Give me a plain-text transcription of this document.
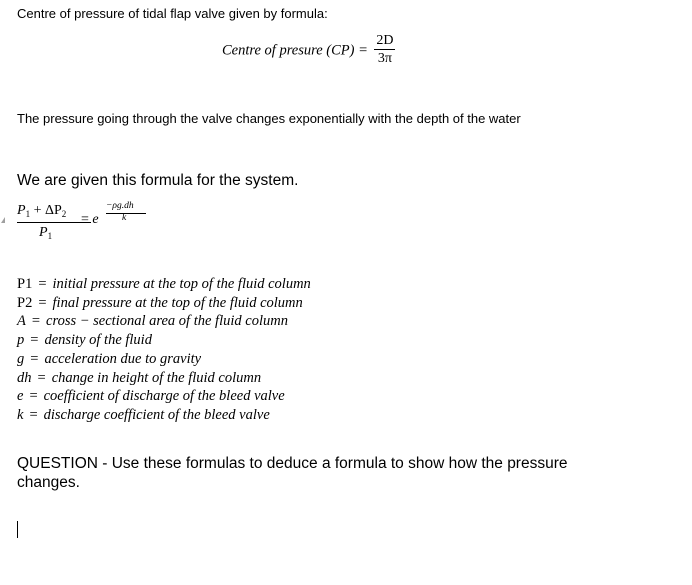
Centre of pressure of tidal flap valve given by formula:
Centre of presure $(CP) = \frac{2D}{3\pi}$
The pressure going through the valve changes exponentially with the depth of the water
We are given this formula for the system.
$P_1 + \Delta P_2$
$P_1$
= e
−ρg.dh
k
P1 = initial pressure at the top of the fluid column
P2 = final pressure at the top of the fluid column
A = cross − sectional area of the fluid column
p = density of the fluid
g = acceleration due to gravity
dh = change in height of the fluid column
e = coefficient of discharge of the bleed valve
k = discharge coefficient of the bleed valve
QUESTION - Use these formulas to deduce a formula to show how the pressure
changes.
